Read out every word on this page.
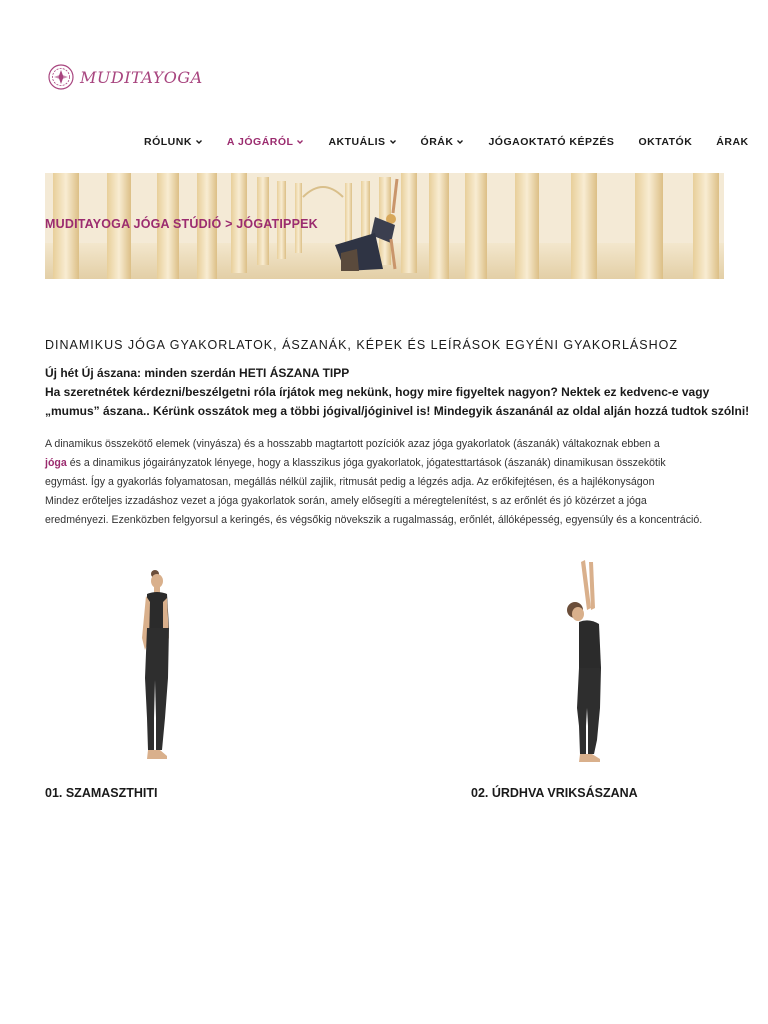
MUDITAYOGA
RÓLUNK	A JÓGÁRÓL	AKTUÁLIS	ÓRÁK	JÓGAOKTATÓ KÉPZÉS OKTATÓK ÁRAK
MUDITAYOGA JÓGA STÚDIÓ > JÓGATIPPEK
DINAMIKUS JÓGA GYAKORLATOK, ÁSZANÁK, KÉPEK ÉS LEÍRÁSOK EGYÉNI GYAKORLÁSHOZ
Új hét Új ászana: minden szerdán HETI ÁSZANA TIPP
Ha szeretnétek kérdezni/beszélgetni róla írjátok meg nekünk, hogy mire figyeltek nagyon? Nektek ez kedvenc-e vagy
„mumus” ászana.. Kérünk osszátok meg a többi jógival/jóginivel is! Mindegyik ászanánál az oldal alján hozzá tudtok szólni!
A dinamikus összekötő elemek (vinyásza) és a hosszabb magtartott pozíciók azaz jóga gyakorlatok (ászanák) váltakoznak ebben a
jóga és a dinamikus jógairányzatok lényege, hogy a klasszikus jóga gyakorlatok, jógatesttartások (ászanák) dinamikusan összekötik
egymást. Így a gyakorlás folyamatosan, megállás nélkül zajlik, ritmusát pedig a légzés adja. Az erőkifejtésen, és a hajlékonyságon
Mindez erőteljes izzadáshoz vezet a jóga gyakorlatok során, amely elősegíti a méregtelenítést, s az erőnlét és jó közérzet a jóga
eredményezi. Ezenközben felgyorsul a keringés, és végsőkig növekszik a rugalmasság, erőnlét, állóképesség, egyensúly és a koncentráció.
01. SZAMASZTHITI	02. ÚRDHVA VRIKSÁSZANA
